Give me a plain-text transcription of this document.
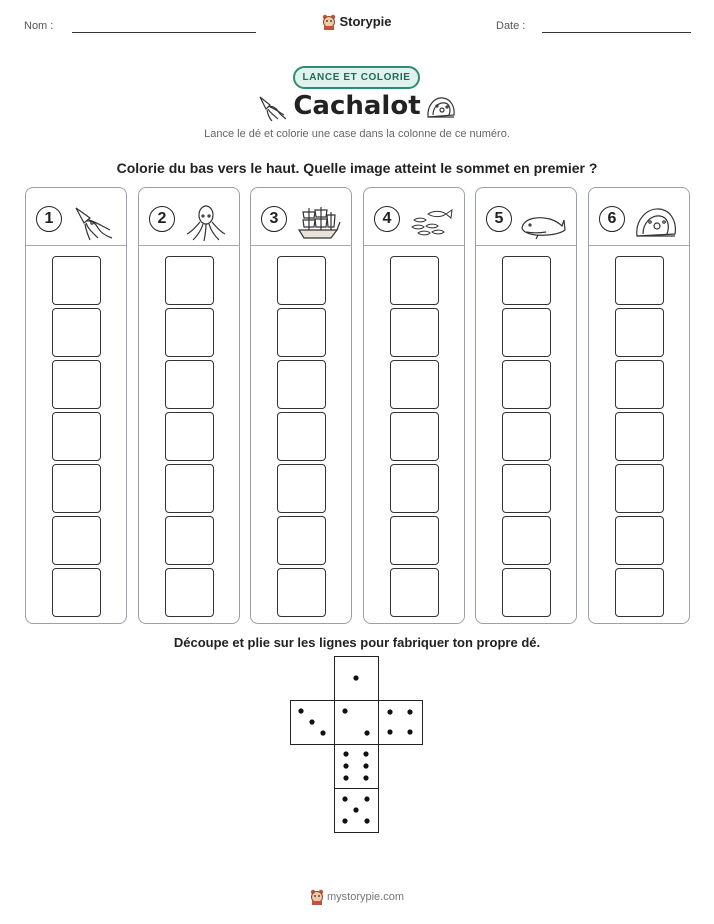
Nom :	Storypie	Date :
LANCE ET COLORIE
Cachalot
Lance le dé et colorie une case dans la colonne de ce numéro.
Colorie du bas vers le haut. Quelle image atteint le sommet en premier ?
1	2	3	4	5	6
Découpe et plie sur les lignes pour fabriquer ton propre dé.
mystorypie.com
